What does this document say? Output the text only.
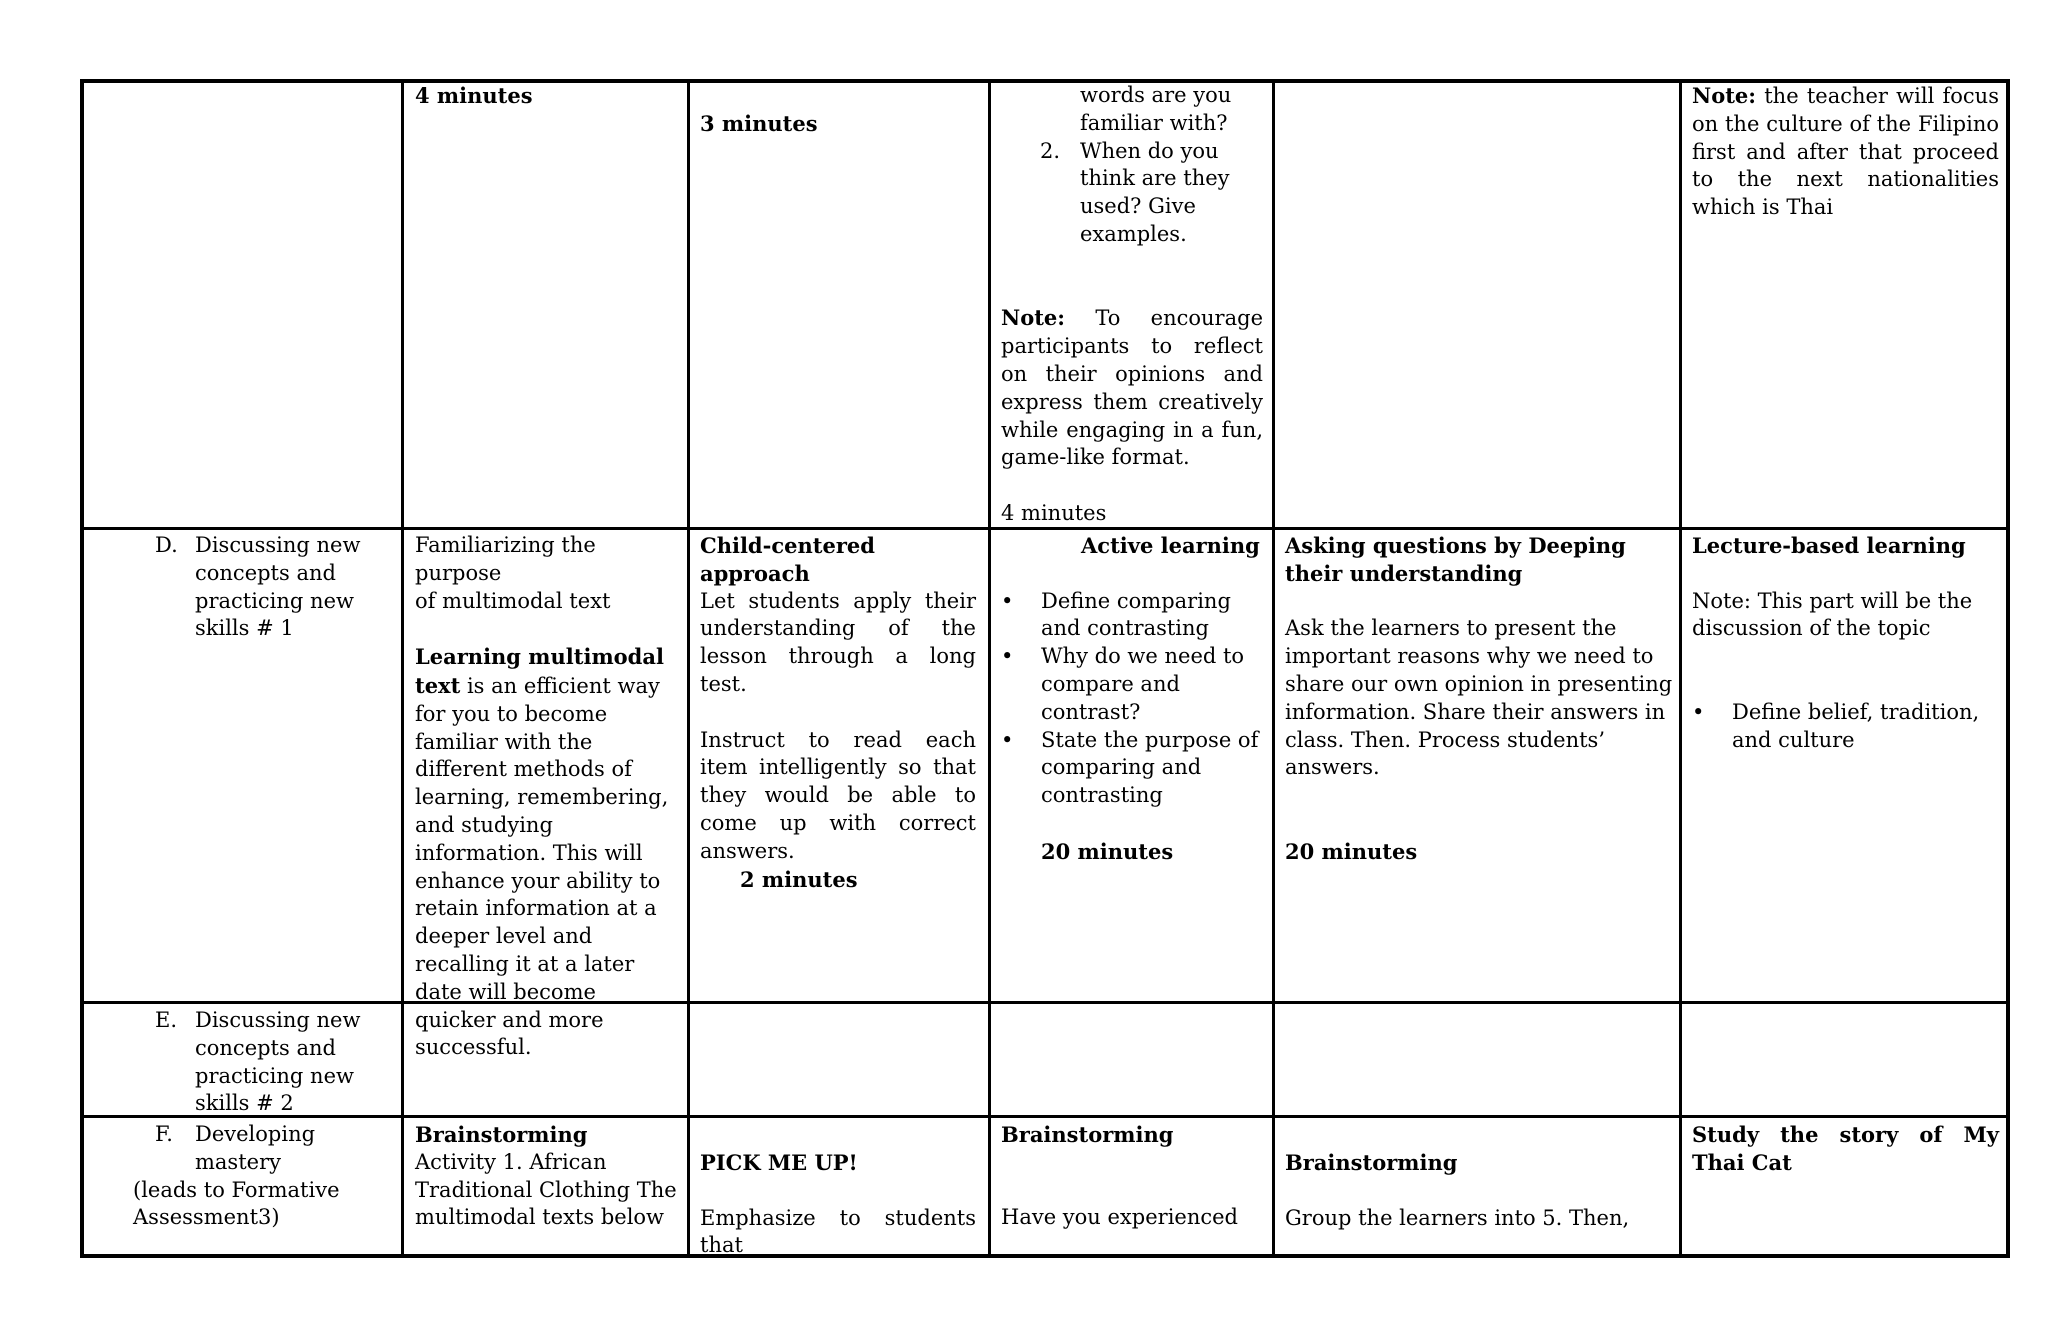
4 minutes
3 minutes

words are you

familiar with?

2. When do you

think are they

used? Give

examples.

Note: To encourage participants to reflect on their opinions and express them creatively while engaging in a fun, game-like format.

4 minutes

Note: the teacher will focus on the culture of the Filipino first and after that proceed to the next nationalities which is Thai
D. Discussing new

concepts and

practicing new

skills # 1

Familiarizing the purpose

of multimodal text

Learning multimodal text is an efficient way for you to become familiar with the different methods of learning, remembering, and studying information. This will enhance your ability to retain information at a deeper level and recalling it at a later date will become quicker and more successful.

Child-centered approach

Let students apply their understanding of the lesson through a long test.

Instruct to read each item intelligently so that they would be able to come up with correct answers.

2 minutes

Active learning

• Define comparing and contrasting
• Why do we need to compare and contrast?
• State the purpose of comparing and contrasting

20 minutes

Asking questions by Deeping their understanding

Ask the learners to present the important reasons why we need to share our own opinion in presenting information. Share their answers in class. Then. Process students’ answers.

20 minutes

Lecture-based learning

Note: This part will be the discussion of the topic

• Define belief, tradition, and culture
E. Discussing new

concepts and

practicing new

skills # 2

F.	Developing mastery

(leads to Formative

Assessment3)

Brainstorming

Activity 1. African

Traditional Clothing The

multimodal texts below

PICK ME UP!

Emphasize to students that

Brainstorming

Have you experienced

Brainstorming

Group the learners into 5. Then,

Study the story of My Thai Cat
